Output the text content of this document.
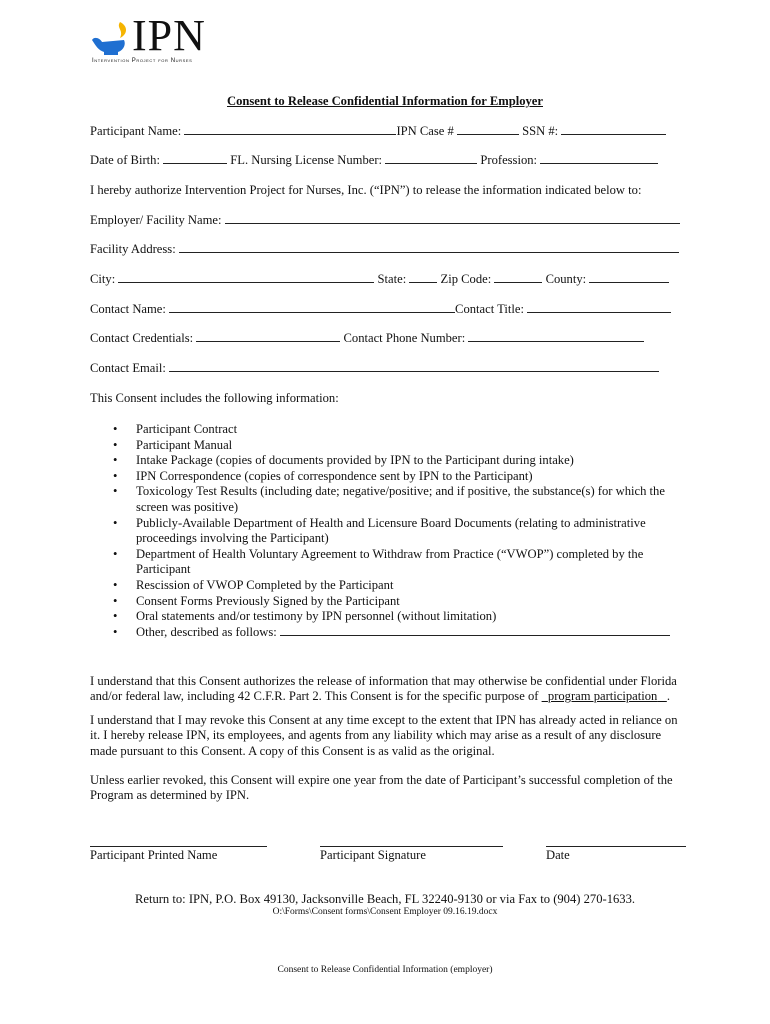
IPN
Intervention Project for Nurses
Consent to Release Confidential Information for Employer
Participant Name:	IPN Case #	SSN #:
Date of Birth:	FL. Nursing License Number:	Profession:
I hereby authorize Intervention Project for Nurses, Inc. (“IPN”) to release the information indicated below to:
Employer/ Facility Name:
Facility Address:
City:	State:	Zip Code:	County:
Contact Name:	Contact Title:
Contact Credentials:	Contact Phone Number:
Contact Email:
This Consent includes the following information:
• Participant Contract
• Participant Manual
• Intake Package (copies of documents provided by IPN to the Participant during intake)
• IPN Correspondence (copies of correspondence sent by IPN to the Participant)
• Toxicology Test Results (including date; negative/positive; and if positive, the substance(s) for which the screen was positive)
• Publicly-Available Department of Health and Licensure Board Documents (relating to administrative proceedings involving the Participant)
• Department of Health Voluntary Agreement to Withdraw from Practice (“VWOP”) completed by the Participant
• Rescission of VWOP Completed by the Participant
• Consent Forms Previously Signed by the Participant
• Oral statements and/or testimony by IPN personnel (without limitation)
• Other, described as follows:
I understand that this Consent authorizes the release of information that may otherwise be confidential under Florida and/or federal law, including 42 C.F.R. Part 2. This Consent is for the specific purpose of program participation .
I understand that I may revoke this Consent at any time except to the extent that IPN has already acted in reliance on it. I hereby release IPN, its employees, and agents from any liability which may arise as a result of any disclosure made pursuant to this Consent. A copy of this Consent is as valid as the original.
Unless earlier revoked, this Consent will expire one year from the date of Participant’s successful completion of the Program as determined by IPN.
Participant Printed Name	Participant Signature	Date
Return to: IPN, P.O. Box 49130, Jacksonville Beach, FL 32240-9130 or via Fax to (904) 270-1633.
O:\Forms\Consent forms\Consent Employer 09.16.19.docx
Consent to Release Confidential Information (employer)
